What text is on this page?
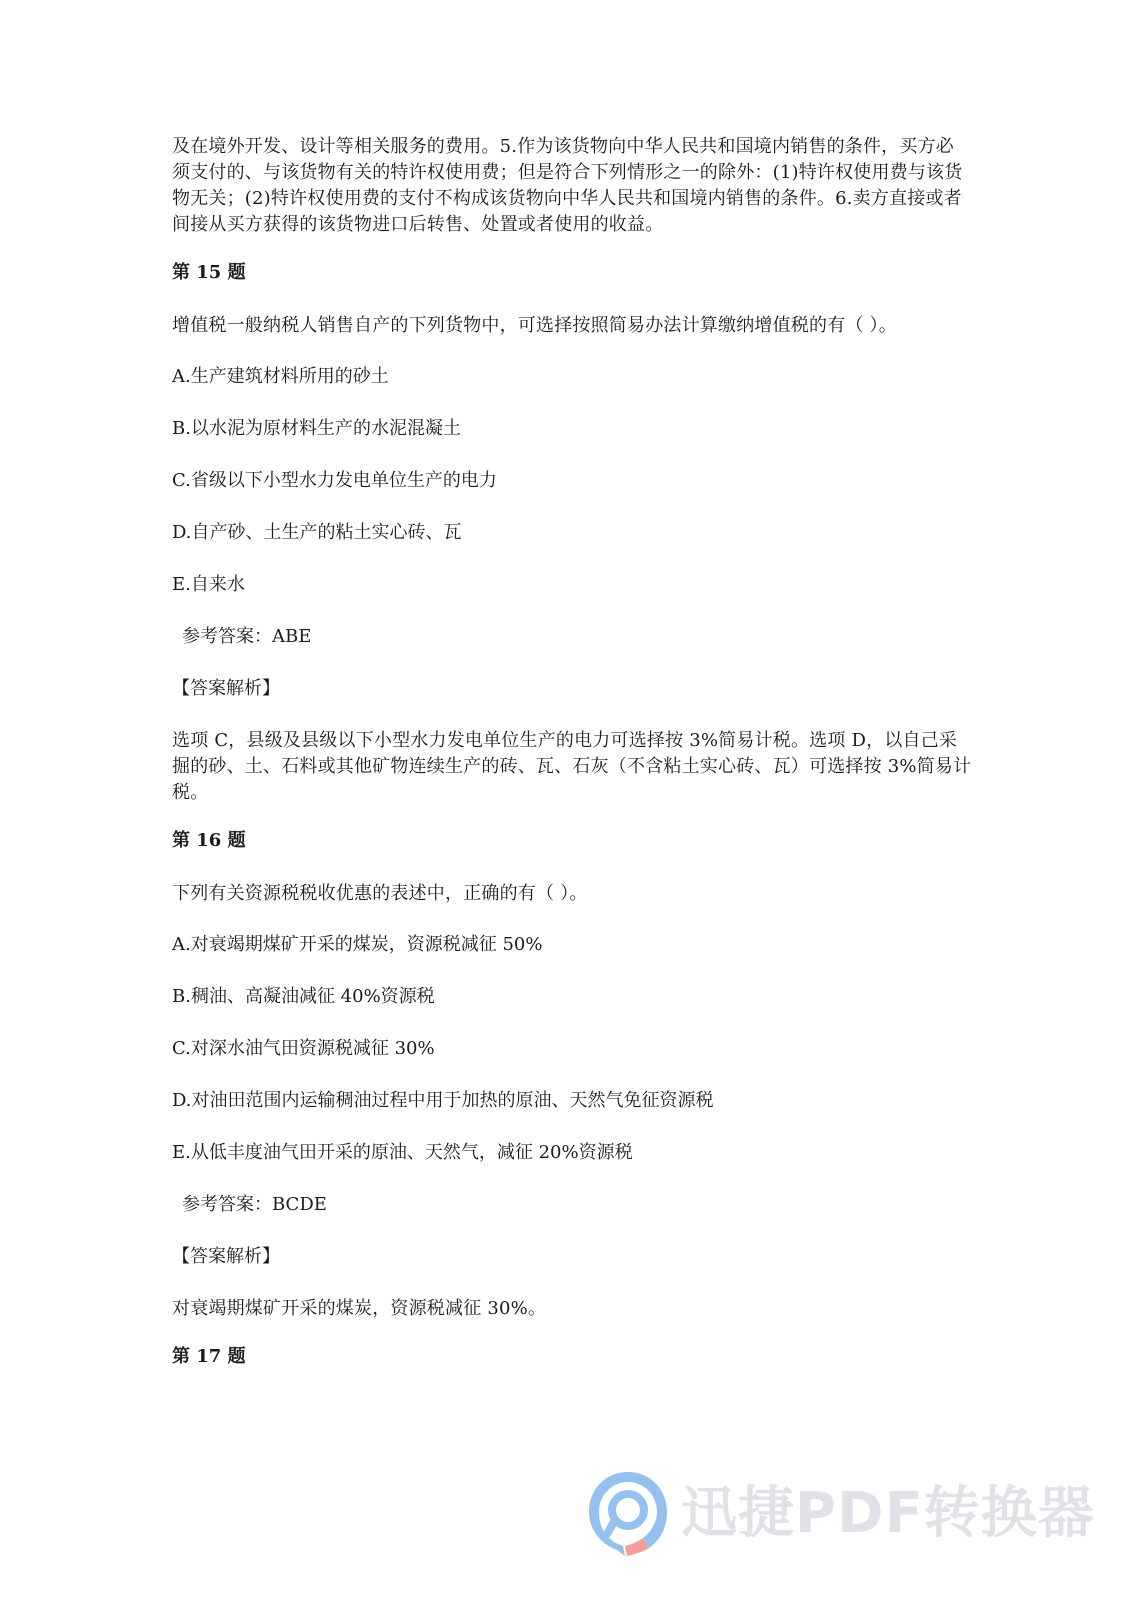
及在境外开发、设计等相关服务的费用。5.作为该货物向中华人民共和国境内销售的条件，买方必须支付的、与该货物有关的特许权使用费；但是符合下列情形之一的除外：(1)特许权使用费与该货物无关；(2)特许权使用费的支付不构成该货物向中华人民共和国境内销售的条件。6.卖方直接或者间接从买方获得的该货物进口后转售、处置或者使用的收益。

第 15 题

增值税一般纳税人销售自产的下列货物中，可选择按照简易办法计算缴纳增值税的有（ ）。

A.生产建筑材料所用的砂土

B.以水泥为原材料生产的水泥混凝土

C.省级以下小型水力发电单位生产的电力

D.自产砂、土生产的粘土实心砖、瓦

E.自来水

参考答案：ABE

【答案解析】

选项 C，县级及县级以下小型水力发电单位生产的电力可选择按 3%简易计税。选项 D，以自己采掘的砂、土、石料或其他矿物连续生产的砖、瓦、石灰（不含粘土实心砖、瓦）可选择按 3%简易计税。

第 16 题

下列有关资源税税收优惠的表述中，正确的有（ ）。

A.对衰竭期煤矿开采的煤炭，资源税减征 50%

B.稠油、高凝油减征 40%资源税

C.对深水油气田资源税减征 30%

D.对油田范围内运输稠油过程中用于加热的原油、天然气免征资源税

E.从低丰度油气田开采的原油、天然气，减征 20%资源税

参考答案：BCDE

【答案解析】

对衰竭期煤矿开采的煤炭，资源税减征 30%。

第 17 题

迅捷PDF转换器
